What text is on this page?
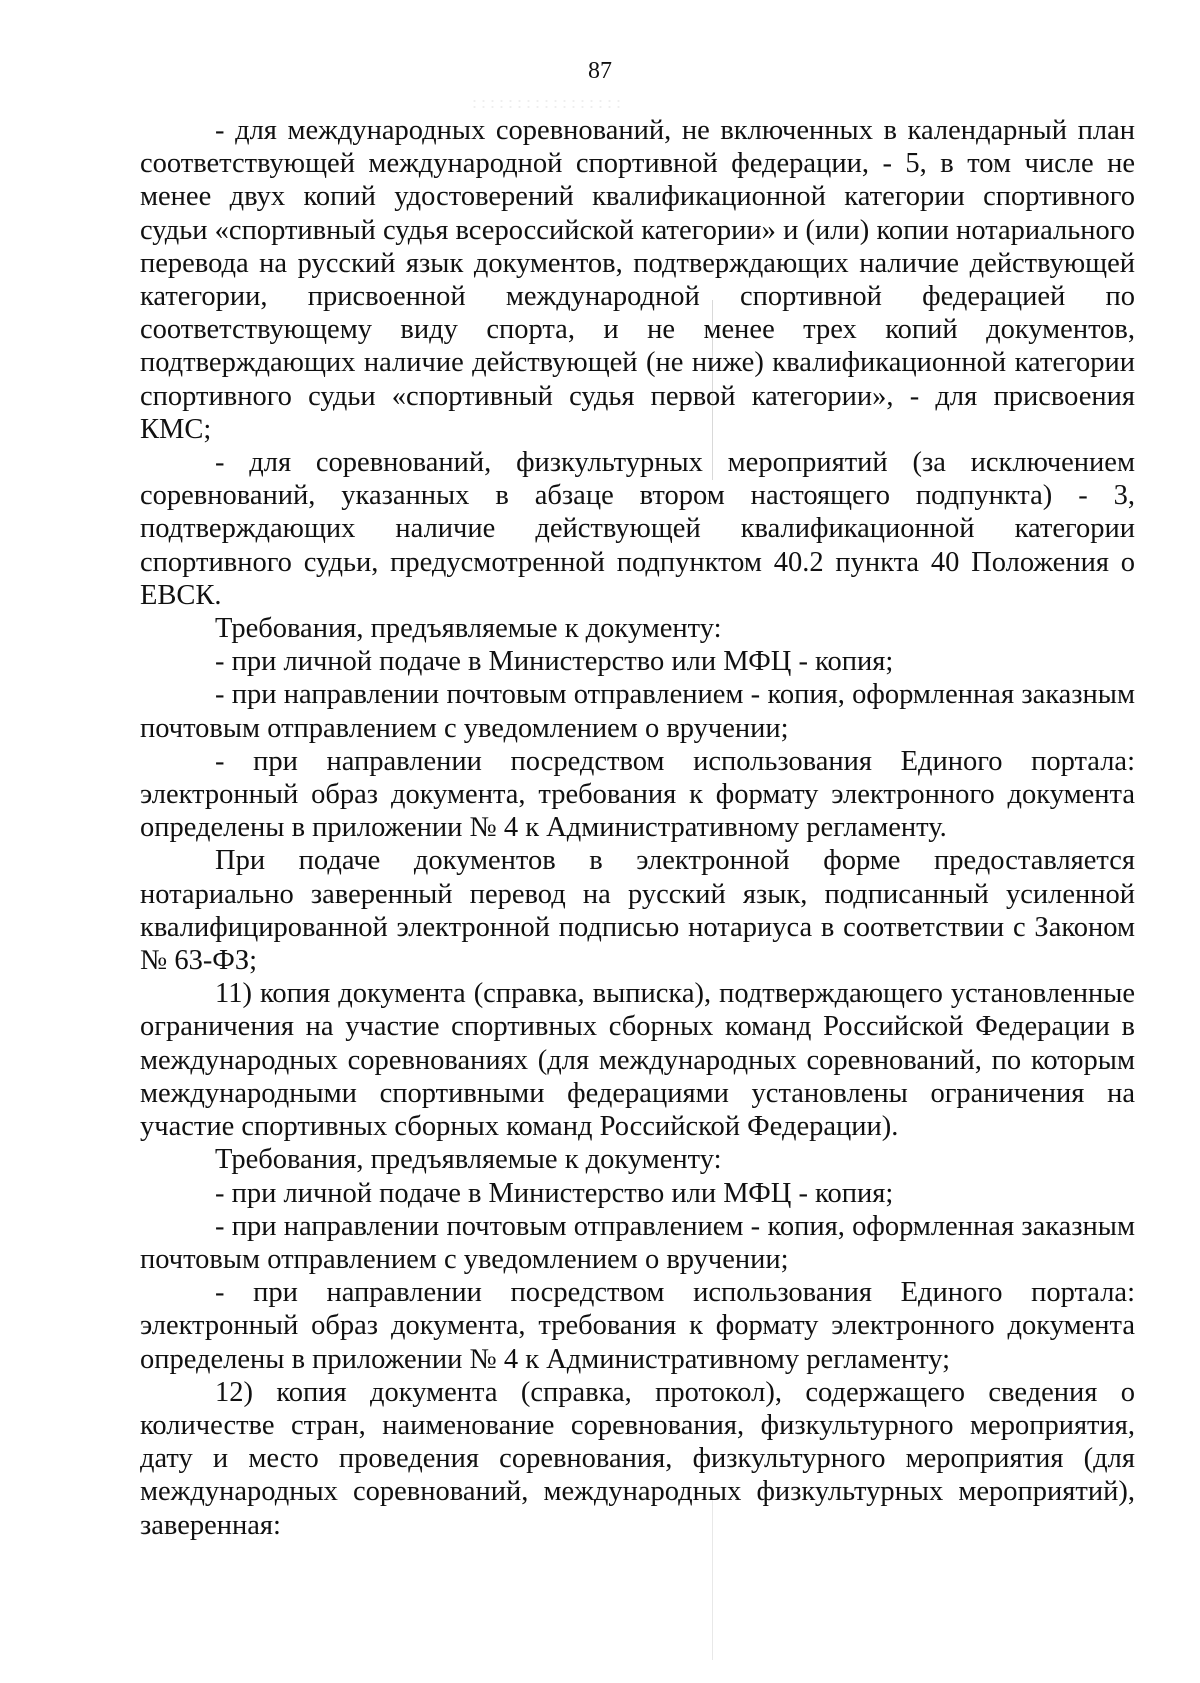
87

- для международных соревнований, не включенных в календарный план соответствующей международной спортивной федерации, - 5, в том числе не менее двух копий удостоверений квалификационной категории спортивного судьи «спортивный судья всероссийской категории» и (или) копии нотариального перевода на русский язык документов, подтверждающих наличие действующей категории, присвоенной международной спортивной федерацией по соответствующему виду спорта, и не менее трех копий документов, подтверждающих наличие действующей (не ниже) квалификационной категории спортивного судьи «спортивный судья первой категории», - для присвоения КМС;

- для соревнований, физкультурных мероприятий (за исключением соревнований, указанных в абзаце втором настоящего подпункта) - 3, подтверждающих наличие действующей квалификационной категории спортивного судьи, предусмотренной подпунктом 40.2 пункта 40 Положения о ЕВСК.

Требования, предъявляемые к документу:

- при личной подаче в Министерство или МФЦ - копия;

- при направлении почтовым отправлением - копия, оформленная заказным почтовым отправлением с уведомлением о вручении;

- при направлении посредством использования Единого портала: электронный образ документа, требования к формату электронного документа определены в приложении № 4 к Административному регламенту.

При подаче документов в электронной форме предоставляется нотариально заверенный перевод на русский язык, подписанный усиленной квалифицированной электронной подписью нотариуса в соответствии с Законом № 63-ФЗ;

11) копия документа (справка, выписка), подтверждающего установленные ограничения на участие спортивных сборных команд Российской Федерации в международных соревнованиях (для международных соревнований, по которым международными спортивными федерациями установлены ограничения на участие спортивных сборных команд Российской Федерации).

Требования, предъявляемые к документу:

- при личной подаче в Министерство или МФЦ - копия;

- при направлении почтовым отправлением - копия, оформленная заказным почтовым отправлением с уведомлением о вручении;

- при направлении посредством использования Единого портала: электронный образ документа, требования к формату электронного документа определены в приложении № 4 к Административному регламенту;

12) копия документа (справка, протокол), содержащего сведения о количестве стран, наименование соревнования, физкультурного мероприятия, дату и место проведения соревнования, физкультурного мероприятия (для международных соревнований, международных физкультурных мероприятий), заверенная:
